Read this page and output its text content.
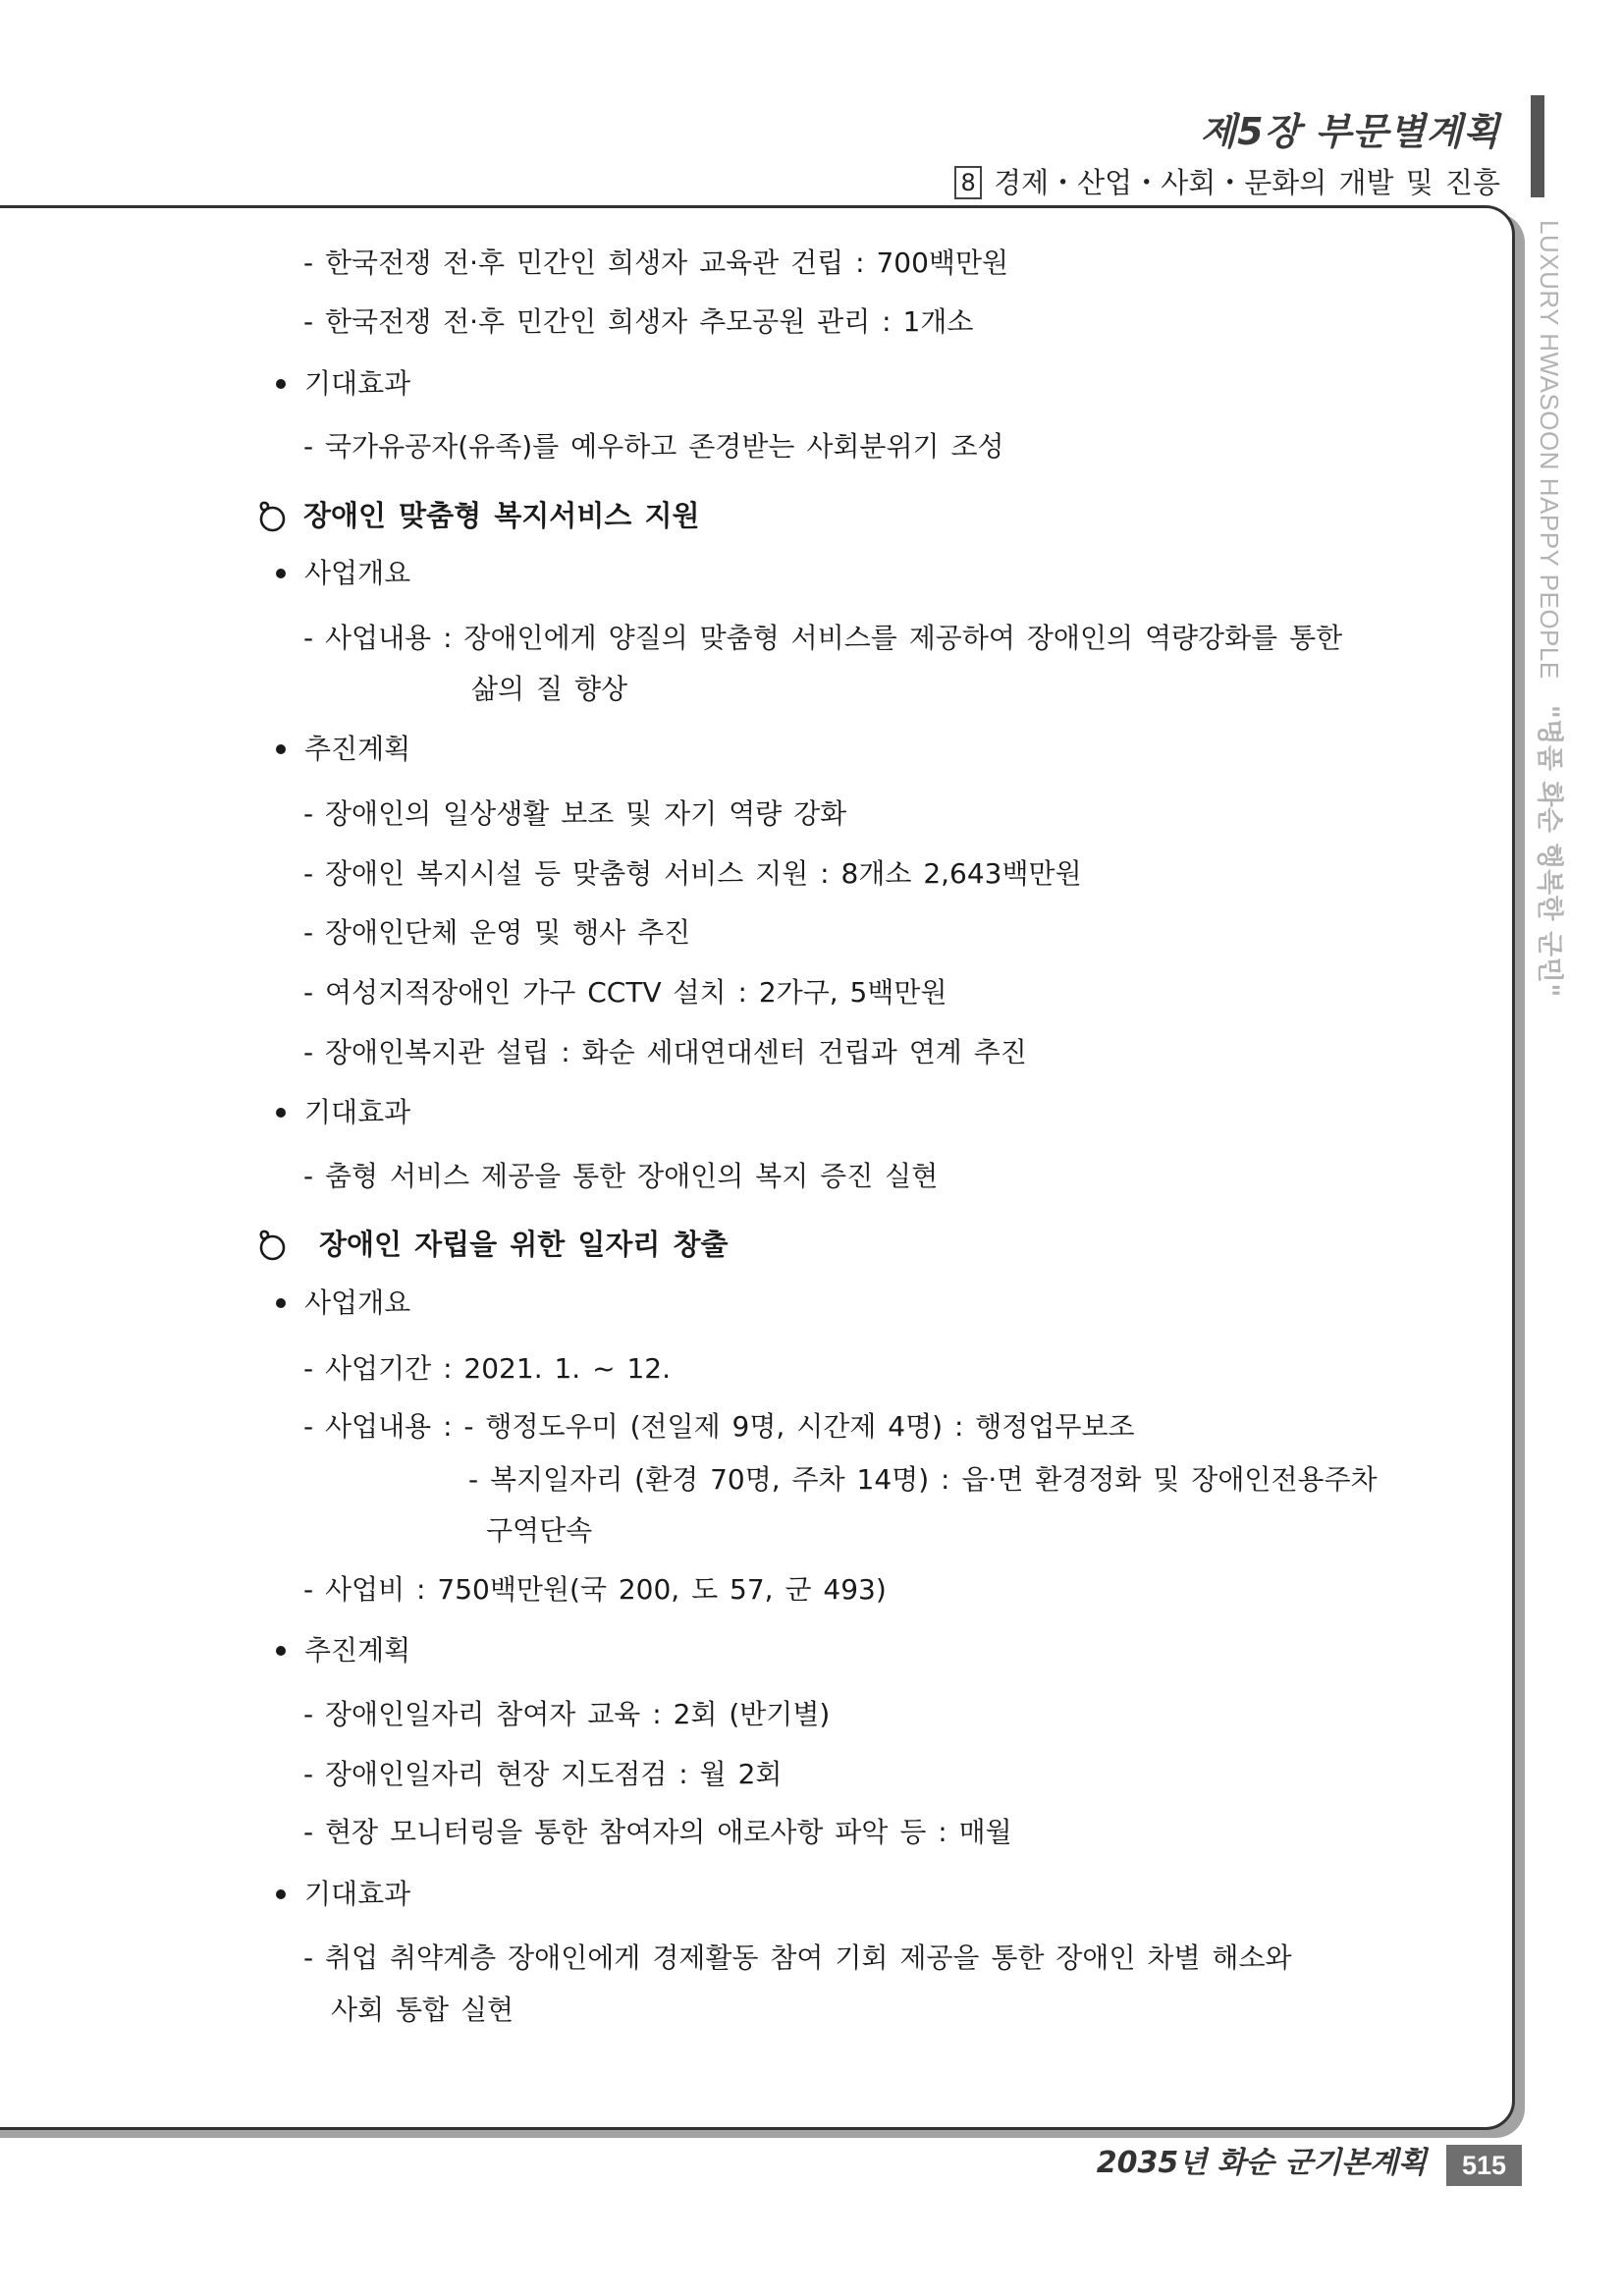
제5장 부문별계획
8 경제・산업・사회・문화의 개발 및 진흥
LUXURY HWASOON HAPPY PEOPLE"명품 화순 행복한 군민"
- 한국전쟁 전·후 민간인 희생자 교육관 건립 : 700백만원
- 한국전쟁 전·후 민간인 희생자 추모공원 관리 : 1개소
기대효과
- 국가유공자(유족)를 예우하고 존경받는 사회분위기 조성
장애인 맞춤형 복지서비스 지원
사업개요
- 사업내용 : 장애인에게 양질의 맞춤형 서비스를 제공하여 장애인의 역량강화를 통한
삶의 질 향상
추진계획
- 장애인의 일상생활 보조 및 자기 역량 강화
- 장애인 복지시설 등 맞춤형 서비스 지원 : 8개소 2,643백만원
- 장애인단체 운영 및 행사 추진
- 여성지적장애인 가구 CCTV 설치 : 2가구, 5백만원
- 장애인복지관 설립 : 화순 세대연대센터 건립과 연계 추진
기대효과
- 춤형 서비스 제공을 통한 장애인의 복지 증진 실현
장애인 자립을 위한 일자리 창출
사업개요
- 사업기간 : 2021. 1. ~ 12.
- 사업내용 : - 행정도우미 (전일제 9명, 시간제 4명) : 행정업무보조
- 복지일자리 (환경 70명, 주차 14명) : 읍·면 환경정화 및 장애인전용주차
구역단속
- 사업비 : 750백만원(국 200, 도 57, 군 493)
추진계획
- 장애인일자리 참여자 교육 : 2회 (반기별)
- 장애인일자리 현장 지도점검 : 월 2회
- 현장 모니터링을 통한 참여자의 애로사항 파악 등 : 매월
기대효과
- 취업 취약계층 장애인에게 경제활동 참여 기회 제공을 통한 장애인 차별 해소와
사회 통합 실현
2035년 화순 군기본계획	515
